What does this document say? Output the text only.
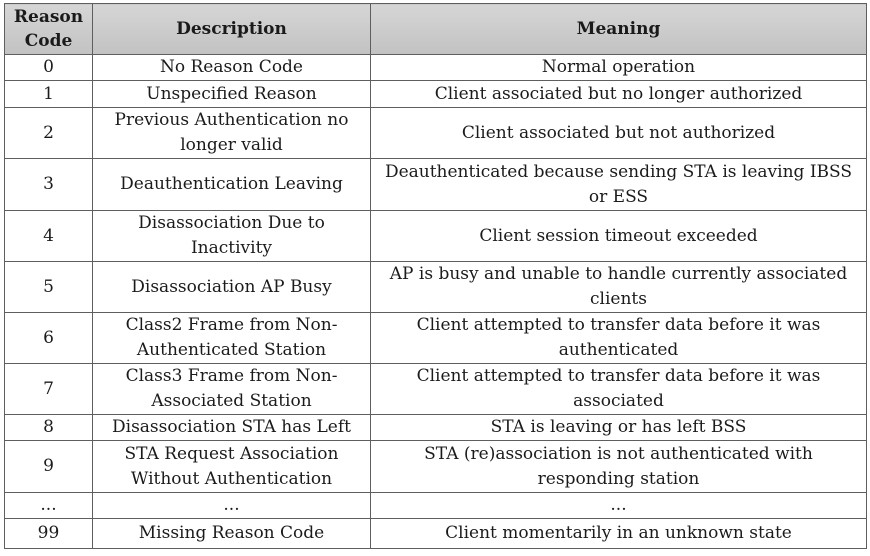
Reason Code	Description	Meaning
0	No Reason Code	Normal operation
1	Unspecified Reason	Client associated but no longer authorized
2	Previous Authentication no longer valid	Client associated but not authorized
3	Deauthentication Leaving	Deauthenticated because sending STA is leaving IBSS or ESS
4	Disassociation Due to Inactivity	Client session timeout exceeded
5	Disassociation AP Busy	AP is busy and unable to handle currently associated clients
6	Class2 Frame from Non-Authenticated Station	Client attempted to transfer data before it was authenticated
7	Class3 Frame from Non-Associated Station	Client attempted to transfer data before it was associated
8	Disassociation STA has Left	STA is leaving or has left BSS
9	STA Request Association Without Authentication	STA (re)association is not authenticated with responding station
...	...	...
99	Missing Reason Code	Client momentarily in an unknown state
